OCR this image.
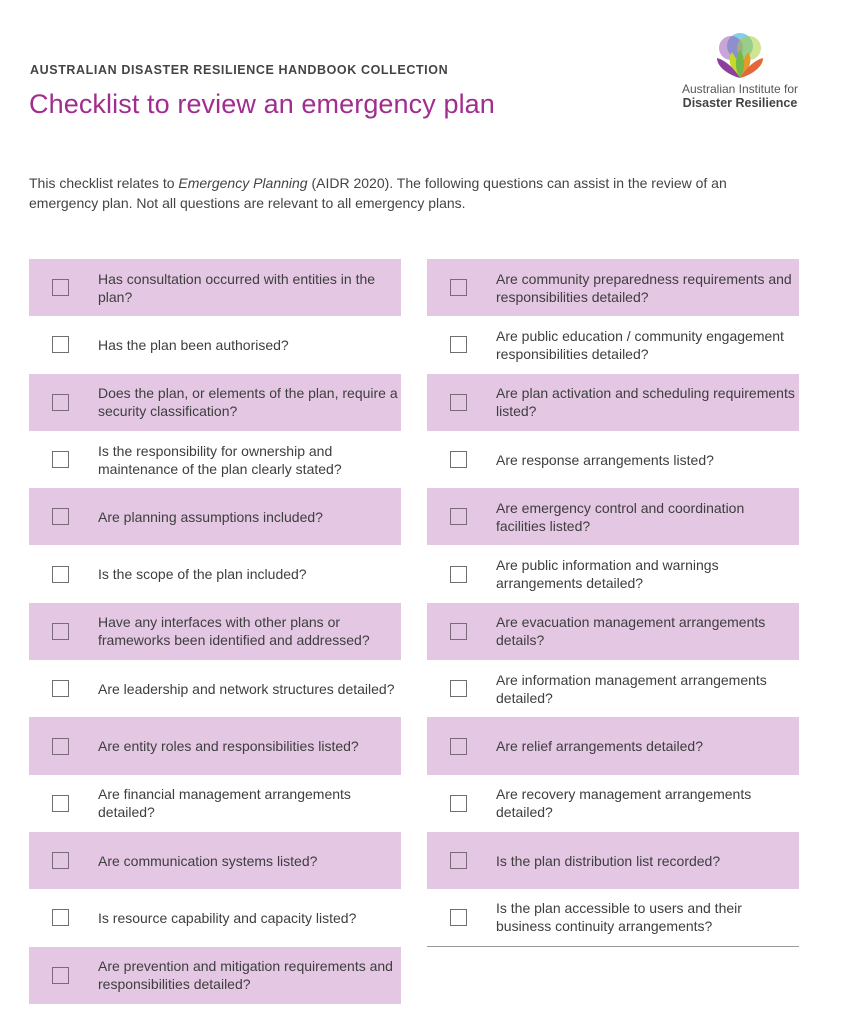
AUSTRALIAN DISASTER RESILIENCE HANDBOOK COLLECTION
Checklist to review an emergency plan	Australian Institute for
Disaster Resilience

This checklist relates to Emergency Planning (AIDR 2020). The following questions can assist in the review of an emergency plan. Not all questions are relevant to all emergency plans.

Has consultation occurred with entities in the plan?
Has the plan been authorised?
Does the plan, or elements of the plan, require a security classification?
Is the responsibility for ownership and maintenance of the plan clearly stated?
Are planning assumptions included?
Is the scope of the plan included?
Have any interfaces with other plans or frameworks been identified and addressed?
Are leadership and network structures detailed?
Are entity roles and responsibilities listed?
Are financial management arrangements detailed?
Are communication systems listed?
Is resource capability and capacity listed?
Are prevention and mitigation requirements and responsibilities detailed?
Are community preparedness requirements and responsibilities detailed?
Are public education / community engagement responsibilities detailed?
Are plan activation and scheduling requirements listed?
Are response arrangements listed?
Are emergency control and coordination facilities listed?
Are public information and warnings arrangements detailed?
Are evacuation management arrangements details?
Are information management arrangements detailed?
Are relief arrangements detailed?
Are recovery management arrangements detailed?
Is the plan distribution list recorded?
Is the plan accessible to users and their business continuity arrangements?
